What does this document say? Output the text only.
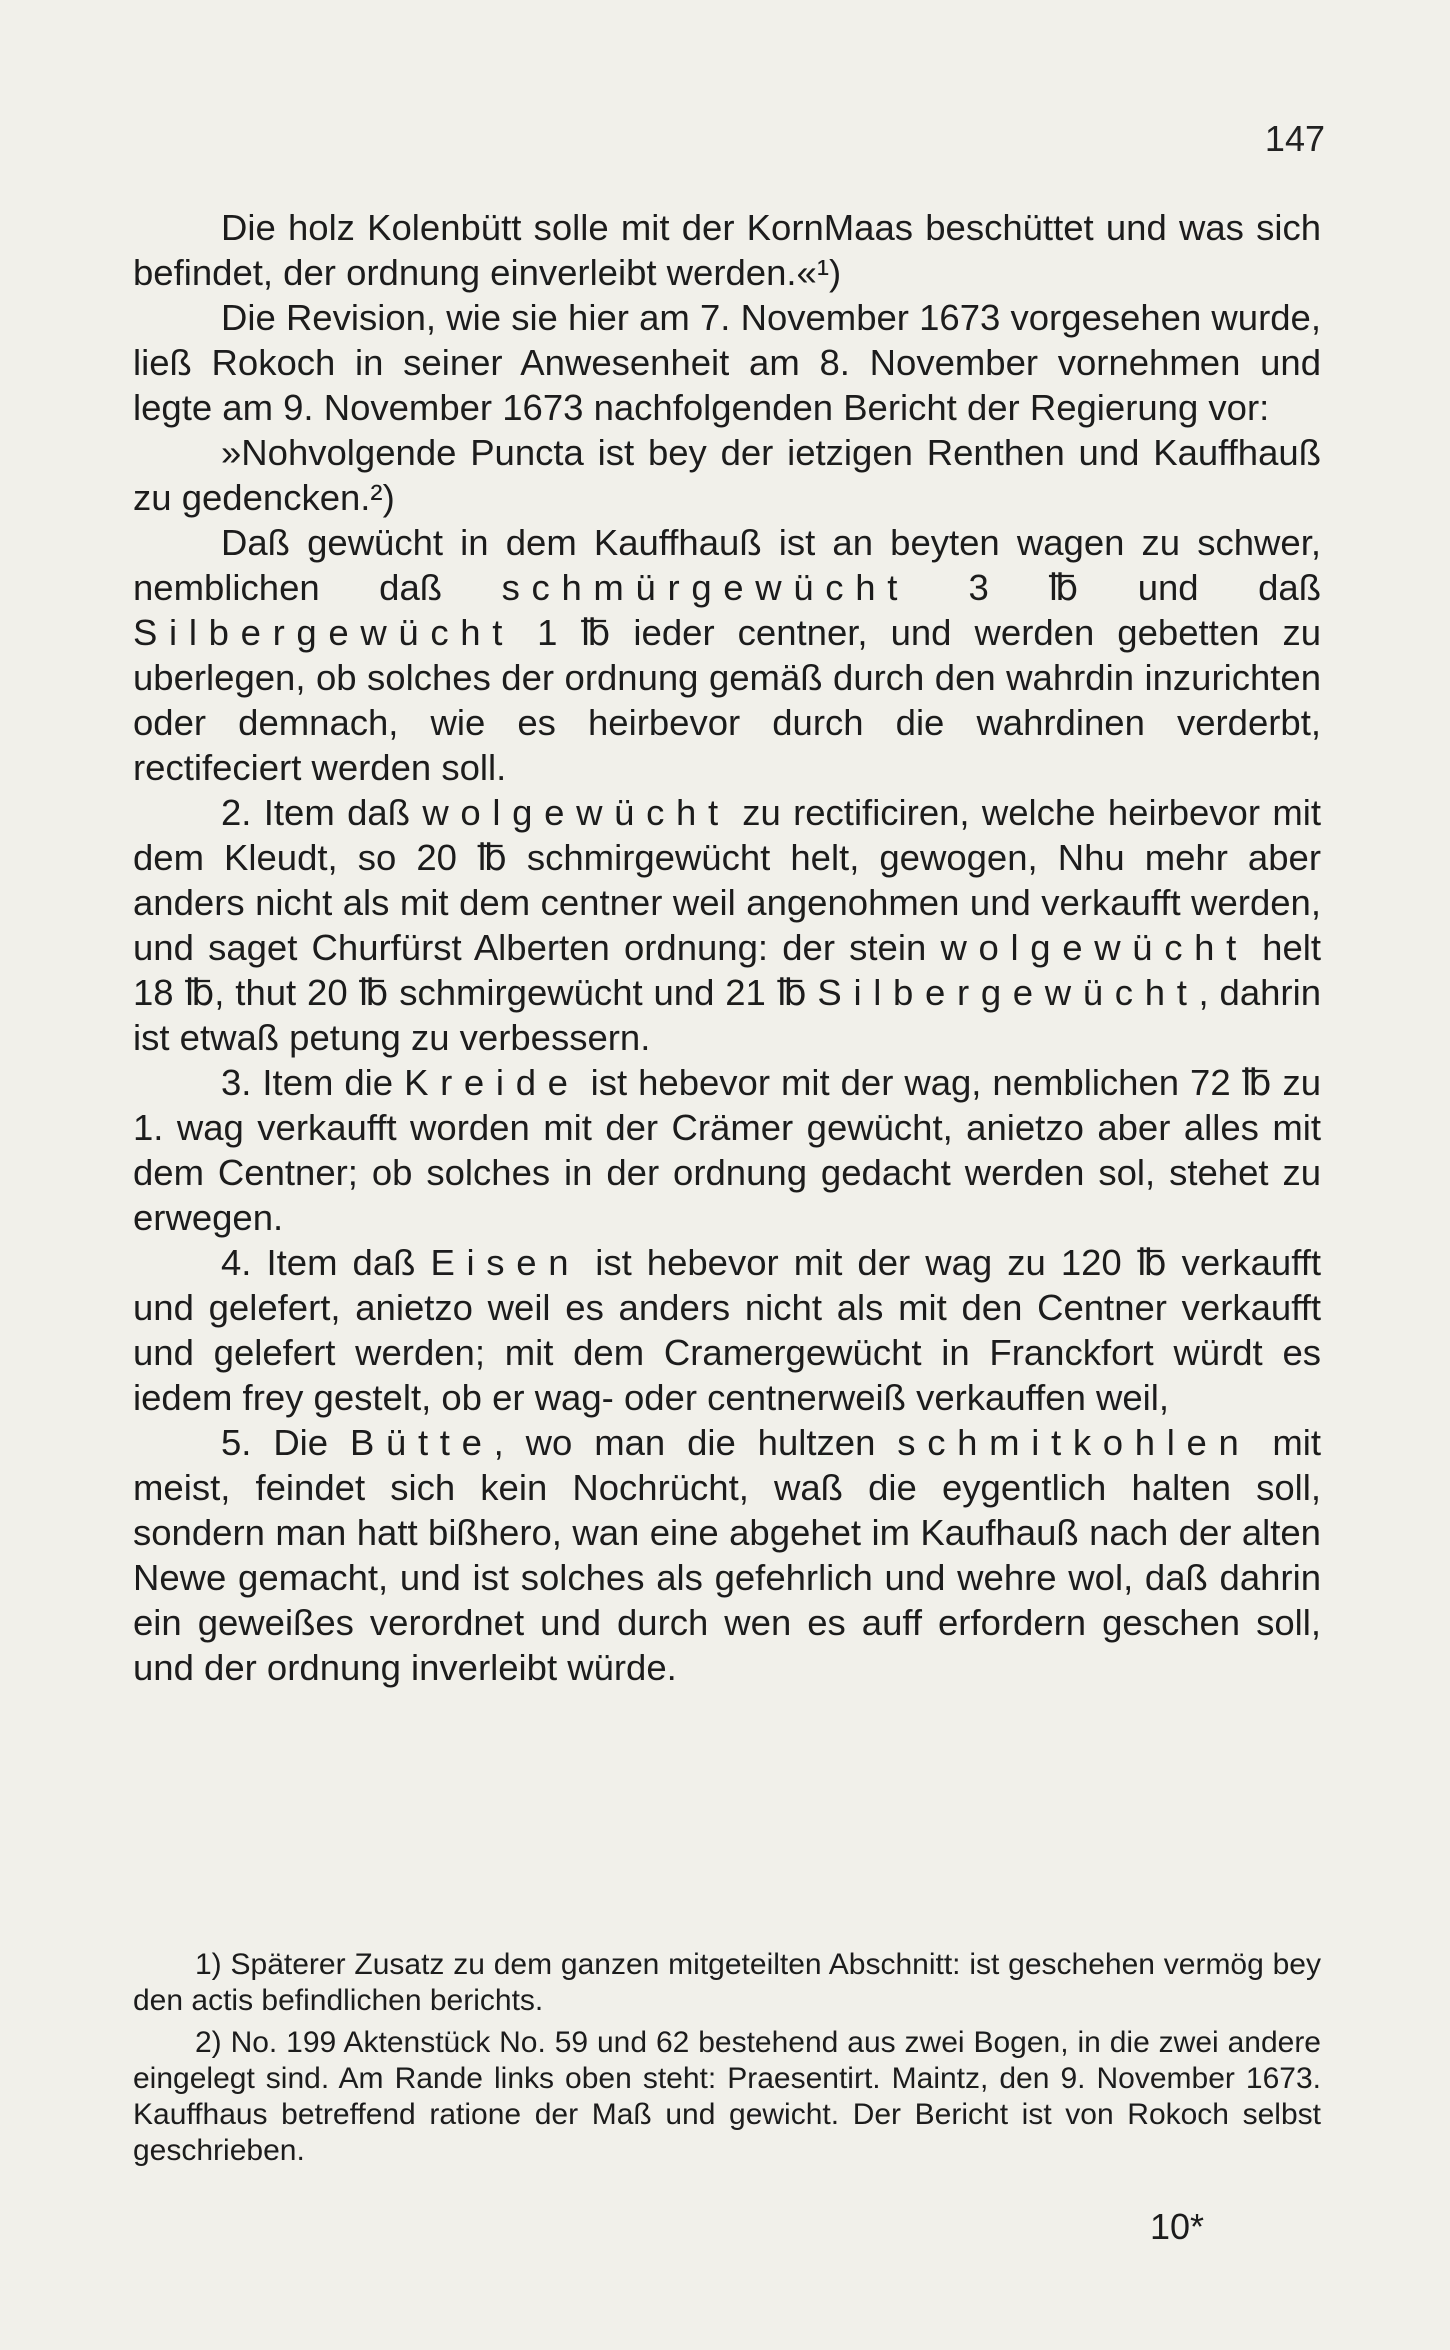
147

Die holz Kolenbütt solle mit der KornMaas beschüttet und was sich befindet, der ordnung einverleibt werden.«¹)

Die Revision, wie sie hier am 7. November 1673 vorgesehen wurde, ließ Rokoch in seiner Anwesenheit am 8. November vornehmen und legte am 9. November 1673 nachfolgenden Bericht der Regierung vor:

»Nohvolgende Puncta ist bey der ietzigen Renthen und Kauffhauß zu gedencken.²)

Daß gewücht in dem Kauffhauß ist an beyten wagen zu schwer, nemblichen daß schmürgewücht 3 ℔ und daß Silbergewücht 1 ℔ ieder centner, und werden gebetten zu uberlegen, ob solches der ordnung gemäß durch den wahrdin inzurichten oder demnach, wie es heirbevor durch die wahrdinen verderbt, rectifeciert werden soll.

2. Item daß wolgewücht zu rectificiren, welche heirbevor mit dem Kleudt, so 20 ℔ schmirgewücht helt, gewogen, Nhu mehr aber anders nicht als mit dem centner weil angenohmen und verkaufft werden, und saget Churfürst Alberten ordnung: der stein wolgewücht helt 18 ℔, thut 20 ℔ schmirgewücht und 21 ℔ Silbergewücht, dahrin ist etwaß petung zu verbessern.

3. Item die Kreide ist hebevor mit der wag, nemblichen 72 ℔ zu 1. wag verkaufft worden mit der Crämer gewücht, anietzo aber alles mit dem Centner; ob solches in der ordnung gedacht werden sol, stehet zu erwegen.

4. Item daß Eisen ist hebevor mit der wag zu 120 ℔ verkaufft und gelefert, anietzo weil es anders nicht als mit den Centner verkaufft und gelefert werden; mit dem Cramergewücht in Franckfort würdt es iedem frey gestelt, ob er wag- oder centnerweiß verkauffen weil,

5. Die Bütte, wo man die hultzen schmitkohlen mit meist, feindet sich kein Nochrücht, waß die eygentlich halten soll, sondern man hatt bißhero, wan eine abgehet im Kaufhauß nach der alten Newe gemacht, und ist solches als gefehrlich und wehre wol, daß dahrin ein geweißes verordnet und durch wen es auff erfordern geschen soll, und der ordnung inverleibt würde.

1) Späterer Zusatz zu dem ganzen mitgeteilten Abschnitt: ist geschehen vermög bey den actis befindlichen berichts.

2) No. 199 Aktenstück No. 59 und 62 bestehend aus zwei Bogen, in die zwei andere eingelegt sind. Am Rande links oben steht: Praesentirt. Maintz, den 9. November 1673. Kauffhaus betreffend ratione der Maß und gewicht. Der Bericht ist von Rokoch selbst geschrieben.

10*
